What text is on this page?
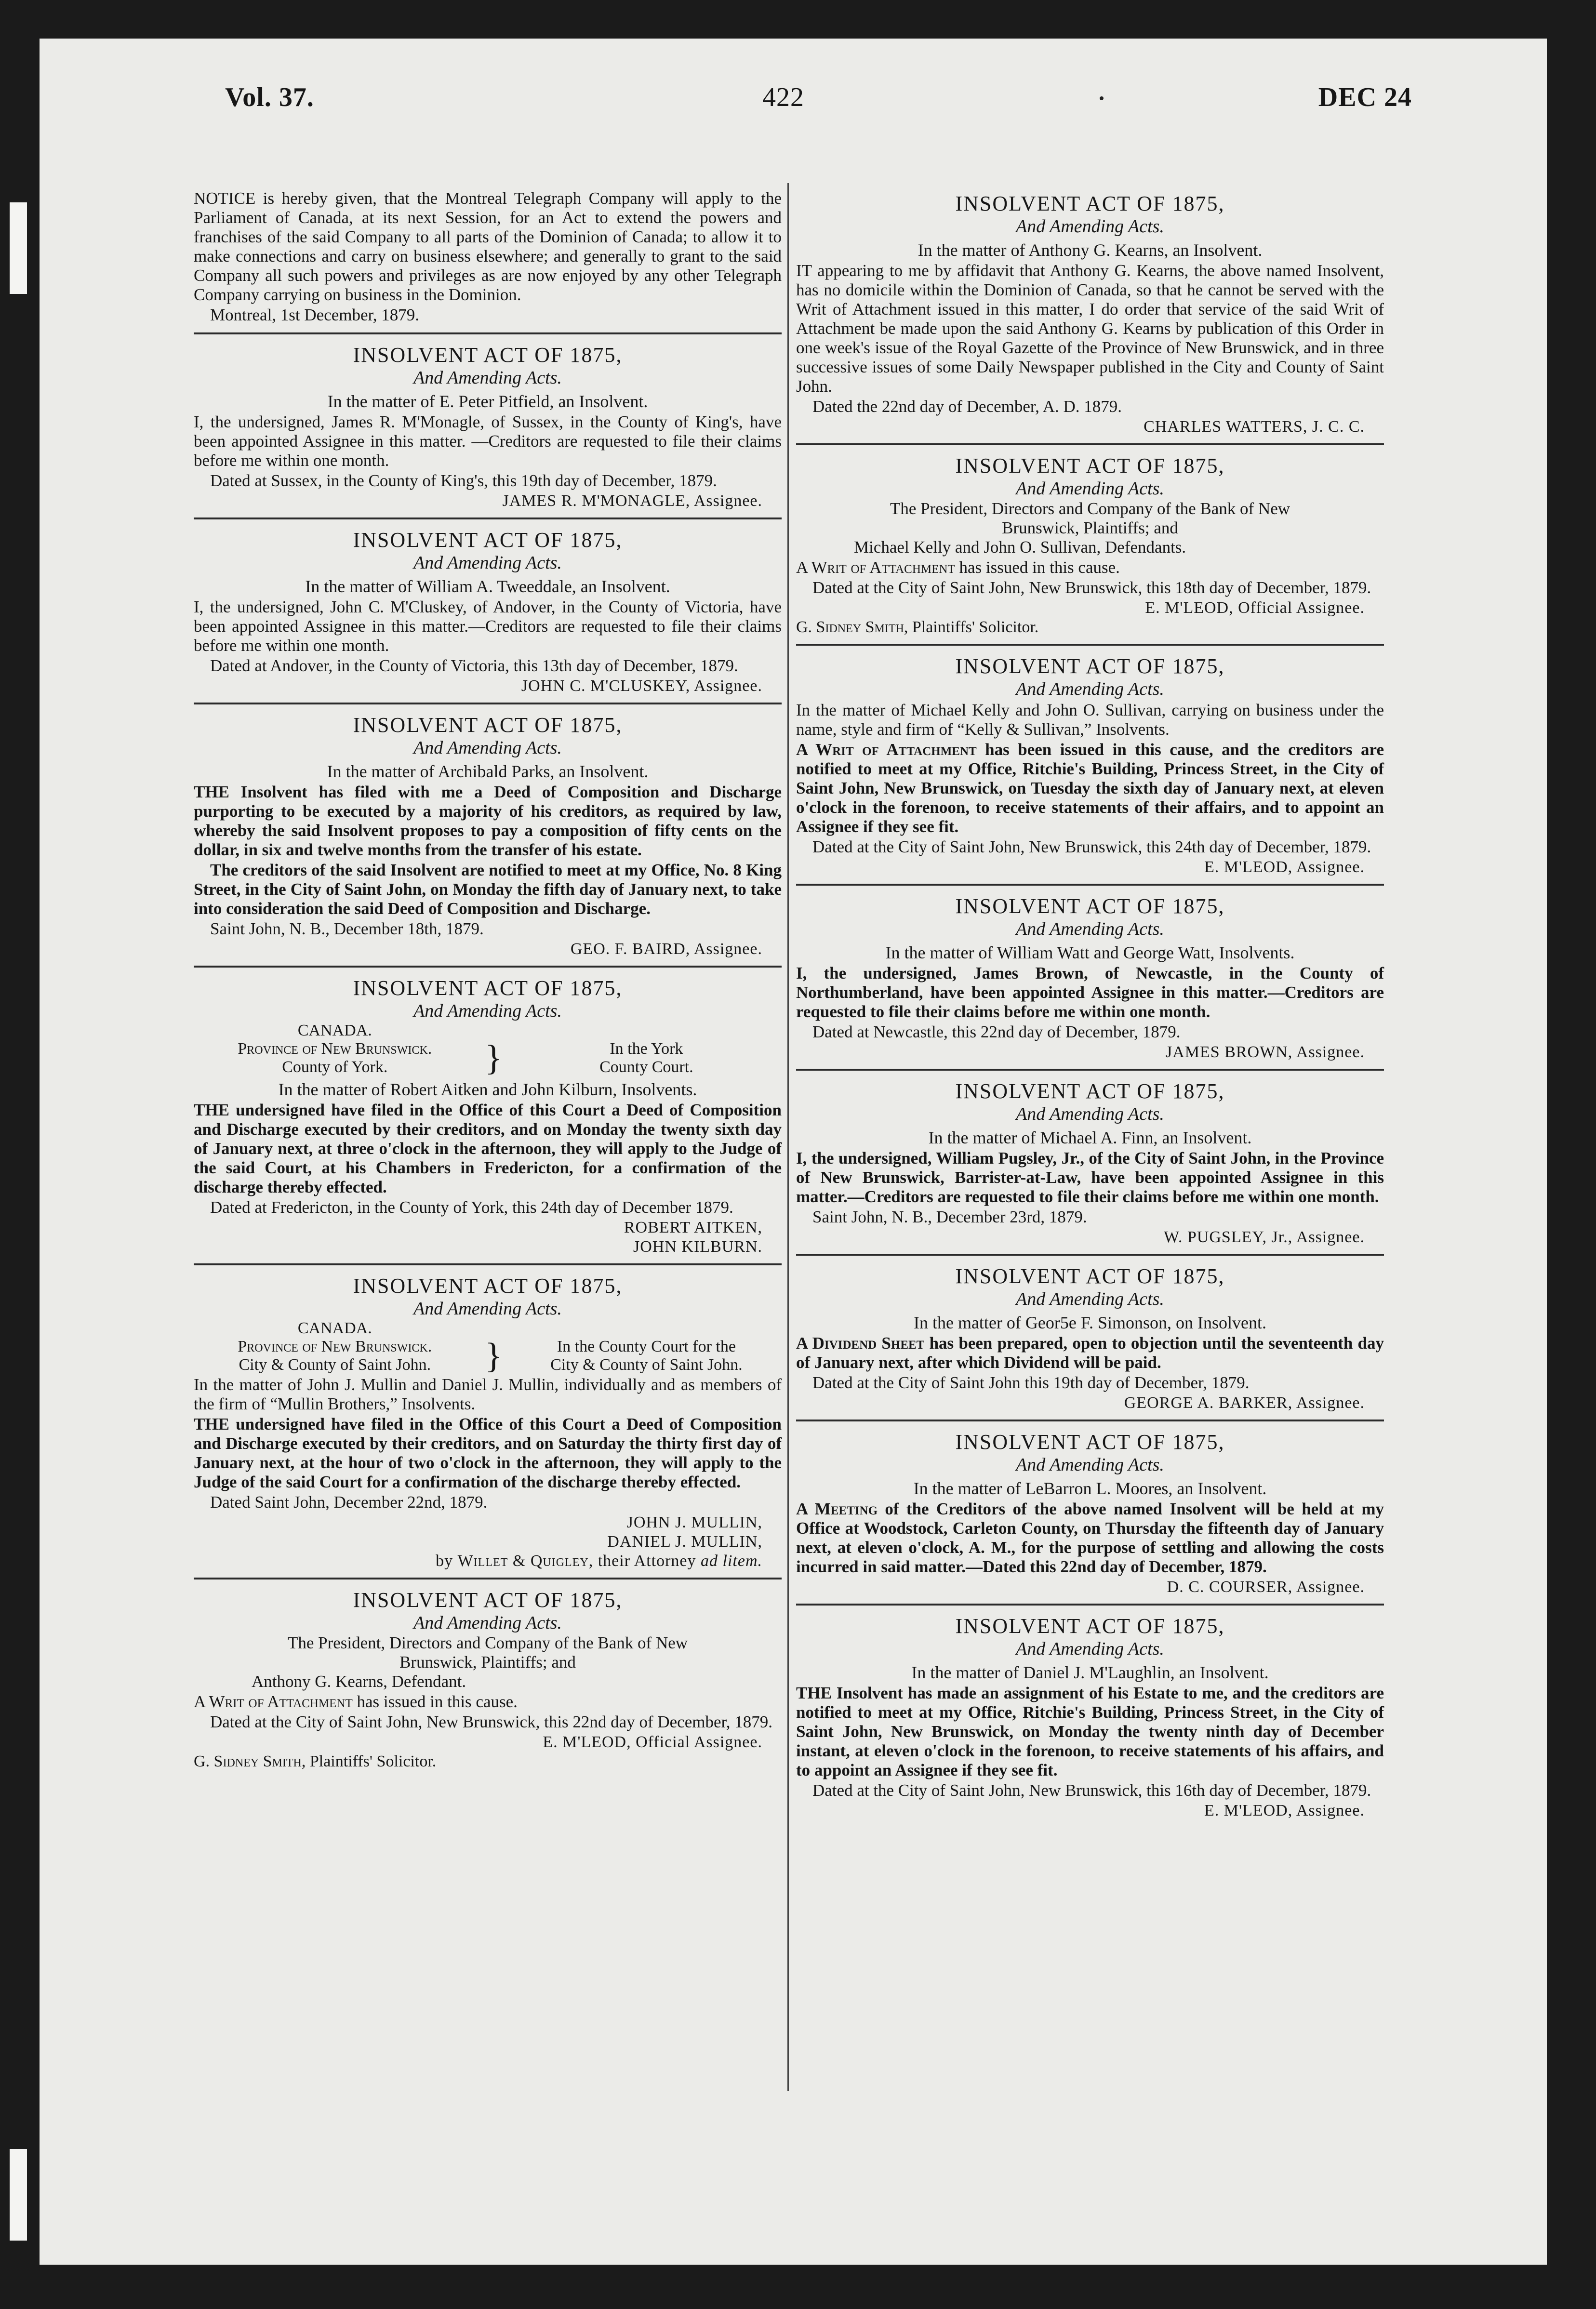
Vol. 37.	422	DEC 24
NOTICE is hereby given, that the Montreal Telegraph Company will apply to the Parliament of Canada, at its next Session, for an Act to extend the powers and franchises of the said Company to all parts of the Dominion of Canada; to allow it to make connections and carry on business elsewhere; and generally to grant to the said Company all such powers and privileges as are now enjoyed by any other Telegraph Company carrying on business in the Dominion.
Montreal, 1st December, 1879.
INSOLVENT ACT OF 1875,
And Amending Acts.
In the matter of E. Peter Pitfield, an Insolvent.
I, the undersigned, James R. M'Monagle, of Sussex, in the County of King's, have been appointed Assignee in this matter. —Creditors are requested to file their claims before me within one month.
Dated at Sussex, in the County of King's, this 19th day of December, 1879.
JAMES R. M'MONAGLE, Assignee.
INSOLVENT ACT OF 1875,
And Amending Acts.
In the matter of William A. Tweeddale, an Insolvent.
I, the undersigned, John C. M'Cluskey, of Andover, in the County of Victoria, have been appointed Assignee in this matter.—Creditors are requested to file their claims before me within one month.
Dated at Andover, in the County of Victoria, this 13th day of December, 1879.
JOHN C. M'CLUSKEY, Assignee.
INSOLVENT ACT OF 1875,
And Amending Acts.
In the matter of Archibald Parks, an Insolvent.
THE Insolvent has filed with me a Deed of Composition and Discharge purporting to be executed by a majority of his creditors, as required by law, whereby the said Insolvent proposes to pay a composition of fifty cents on the dollar, in six and twelve months from the transfer of his estate.
The creditors of the said Insolvent are notified to meet at my Office, No. 8 King Street, in the City of Saint John, on Monday the fifth day of January next, to take into consideration the said Deed of Composition and Discharge.
Saint John, N. B., December 18th, 1879.
GEO. F. BAIRD, Assignee.
INSOLVENT ACT OF 1875,
And Amending Acts.
CANADA.		
Province of New Brunswick.	}	In the York
County of York.		County Court.
In the matter of Robert Aitken and John Kilburn, Insolvents.
THE undersigned have filed in the Office of this Court a Deed of Composition and Discharge executed by their creditors, and on Monday the twenty sixth day of January next, at three o'clock in the afternoon, they will apply to the Judge of the said Court, at his Chambers in Fredericton, for a confirmation of the discharge thereby effected.
Dated at Fredericton, in the County of York, this 24th day of December 1879.
ROBERT AITKEN,
JOHN KILBURN.
INSOLVENT ACT OF 1875,
And Amending Acts.
CANADA.		
Province of New Brunswick.	}	In the County Court for the
City & County of Saint John.		City & County of Saint John.
In the matter of John J. Mullin and Daniel J. Mullin, individually and as members of the firm of “Mullin Brothers,” Insolvents.
THE undersigned have filed in the Office of this Court a Deed of Composition and Discharge executed by their creditors, and on Saturday the thirty first day of January next, at the hour of two o'clock in the afternoon, they will apply to the Judge of the said Court for a confirmation of the discharge thereby effected.
Dated Saint John, December 22nd, 1879.
JOHN J. MULLIN,
DANIEL J. MULLIN,
by Willet & Quigley, their Attorney ad litem.
INSOLVENT ACT OF 1875,
And Amending Acts.
The President, Directors and Company of the Bank of New
Brunswick, Plaintiffs; and
Anthony G. Kearns, Defendant.
A Writ of Attachment has issued in this cause.
Dated at the City of Saint John, New Brunswick, this 22nd day of December, 1879.
E. M'LEOD, Official Assignee.
G. Sidney Smith, Plaintiffs' Solicitor.
INSOLVENT ACT OF 1875,
And Amending Acts.
In the matter of Anthony G. Kearns, an Insolvent.
IT appearing to me by affidavit that Anthony G. Kearns, the above named Insolvent, has no domicile within the Dominion of Canada, so that he cannot be served with the Writ of Attachment issued in this matter, I do order that service of the said Writ of Attachment be made upon the said Anthony G. Kearns by publication of this Order in one week's issue of the Royal Gazette of the Province of New Brunswick, and in three successive issues of some Daily Newspaper published in the City and County of Saint John.
Dated the 22nd day of December, A. D. 1879.
CHARLES WATTERS, J. C. C.
INSOLVENT ACT OF 1875,
And Amending Acts.
The President, Directors and Company of the Bank of New
Brunswick, Plaintiffs; and
Michael Kelly and John O. Sullivan, Defendants.
A Writ of Attachment has issued in this cause.
Dated at the City of Saint John, New Brunswick, this 18th day of December, 1879.
E. M'LEOD, Official Assignee.
G. Sidney Smith, Plaintiffs' Solicitor.
INSOLVENT ACT OF 1875,
And Amending Acts.
In the matter of Michael Kelly and John O. Sullivan, carrying on business under the name, style and firm of “Kelly & Sullivan,” Insolvents.
A Writ of Attachment has been issued in this cause, and the creditors are notified to meet at my Office, Ritchie's Building, Princess Street, in the City of Saint John, New Brunswick, on Tuesday the sixth day of January next, at eleven o'clock in the forenoon, to receive statements of their affairs, and to appoint an Assignee if they see fit.
Dated at the City of Saint John, New Brunswick, this 24th day of December, 1879.
E. M'LEOD, Assignee.
INSOLVENT ACT OF 1875,
And Amending Acts.
In the matter of William Watt and George Watt, Insolvents.
I, the undersigned, James Brown, of Newcastle, in the County of Northumberland, have been appointed Assignee in this matter.—Creditors are requested to file their claims before me within one month.
Dated at Newcastle, this 22nd day of December, 1879.
JAMES BROWN, Assignee.
INSOLVENT ACT OF 1875,
And Amending Acts.
In the matter of Michael A. Finn, an Insolvent.
I, the undersigned, William Pugsley, Jr., of the City of Saint John, in the Province of New Brunswick, Barrister-at-Law, have been appointed Assignee in this matter.—Creditors are requested to file their claims before me within one month.
Saint John, N. B., December 23rd, 1879.
W. PUGSLEY, Jr., Assignee.
INSOLVENT ACT OF 1875,
And Amending Acts.
In the matter of Geor5e F. Simonson, on Insolvent.
A Dividend Sheet has been prepared, open to objection until the seventeenth day of January next, after which Dividend will be paid.
Dated at the City of Saint John this 19th day of December, 1879.
GEORGE A. BARKER, Assignee.
INSOLVENT ACT OF 1875,
And Amending Acts.
In the matter of LeBarron L. Moores, an Insolvent.
A Meeting of the Creditors of the above named Insolvent will be held at my Office at Woodstock, Carleton County, on Thursday the fifteenth day of January next, at eleven o'clock, A. M., for the purpose of settling and allowing the costs incurred in said matter.—Dated this 22nd day of December, 1879.
D. C. COURSER, Assignee.
INSOLVENT ACT OF 1875,
And Amending Acts.
In the matter of Daniel J. M'Laughlin, an Insolvent.
THE Insolvent has made an assignment of his Estate to me, and the creditors are notified to meet at my Office, Ritchie's Building, Princess Street, in the City of Saint John, New Brunswick, on Monday the twenty ninth day of December instant, at eleven o'clock in the forenoon, to receive statements of his affairs, and to appoint an Assignee if they see fit.
Dated at the City of Saint John, New Brunswick, this 16th day of December, 1879.
E. M'LEOD, Assignee.
